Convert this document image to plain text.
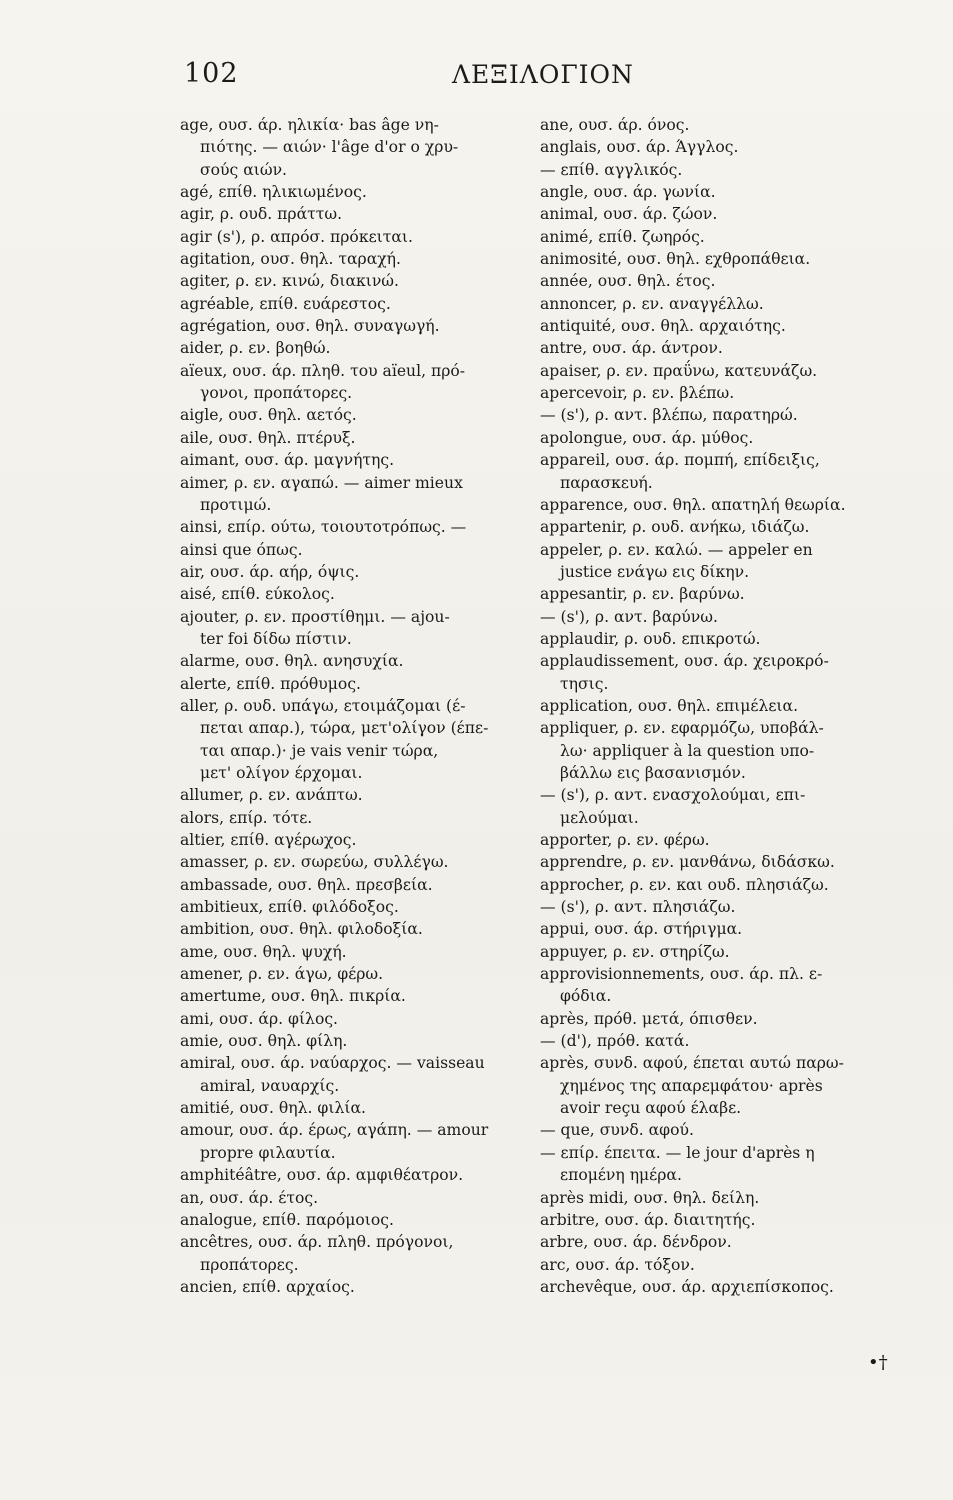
102	ΛΕΞΙΛΟΓΙΟΝ
age, ουσ. άρ. ηλικία· bas âge νη-
πιότης. — αιών· l'âge d'or ο χρυ-
σούς αιών.
agé, επίθ. ηλικιωμένος.
agir, ρ. ουδ. πράττω.
agir (s'), ρ. απρόσ. πρόκειται.
agitation, ουσ. θηλ. ταραχή.
agiter, ρ. εν. κινώ, διακινώ.
agréable, επίθ. ευάρεστος.
agrégation, ουσ. θηλ. συναγωγή.
aider, ρ. εν. βοηθώ.
aïeux, ουσ. άρ. πληθ. του aïeul, πρό-
γονοι, προπάτορες.
aigle, ουσ. θηλ. αετός.
aile, ουσ. θηλ. πτέρυξ.
aimant, ουσ. άρ. μαγνήτης.
aimer, ρ. εν. αγαπώ. — aimer mieux
προτιμώ.
ainsi, επίρ. ούτω, τοιουτοτρόπως. —
ainsi que όπως.
air, ουσ. άρ. αήρ, όψις.
aisé, επίθ. εύκολος.
ajouter, ρ. εν. προστίθημι. — ajou-
ter foi δίδω πίστιν.
alarme, ουσ. θηλ. ανησυχία.
alerte, επίθ. πρόθυμος.
aller, ρ. ουδ. υπάγω, ετοιμάζομαι (έ-
πεται απαρ.), τώρα, μετ'ολίγον (έπε-
ται απαρ.)· je vais venir τώρα,
μετ' ολίγον έρχομαι.
allumer, ρ. εν. ανάπτω.
alors, επίρ. τότε.
altier, επίθ. αγέρωχος.
amasser, ρ. εν. σωρεύω, συλλέγω.
ambassade, ουσ. θηλ. πρεσβεία.
ambitieux, επίθ. φιλόδοξος.
ambition, ουσ. θηλ. φιλοδοξία.
ame, ουσ. θηλ. ψυχή.
amener, ρ. εν. άγω, φέρω.
amertume, ουσ. θηλ. πικρία.
ami, ουσ. άρ. φίλος.
amie, ουσ. θηλ. φίλη.
amiral, ουσ. άρ. ναύαρχος. — vaisseau
amiral, ναυαρχίς.
amitié, ουσ. θηλ. φιλία.
amour, ουσ. άρ. έρως, αγάπη. — amour
propre φιλαυτία.
amphitéâtre, ουσ. άρ. αμφιθέατρον.
an, ουσ. άρ. έτος.
analogue, επίθ. παρόμοιος.
ancêtres, ουσ. άρ. πληθ. πρόγονοι,
προπάτορες.
ancien, επίθ. αρχαίος.
ane, ουσ. άρ. όνος.
anglais, ουσ. άρ. Άγγλος.
— επίθ. αγγλικός.
angle, ουσ. άρ. γωνία.
animal, ουσ. άρ. ζώον.
animé, επίθ. ζωηρός.
animosité, ουσ. θηλ. εχθροπάθεια.
année, ουσ. θηλ. έτος.
annoncer, ρ. εν. αναγγέλλω.
antiquité, ουσ. θηλ. αρχαιότης.
antre, ουσ. άρ. άντρον.
apaiser, ρ. εν. πραΰνω, κατευνάζω.
apercevoir, ρ. εν. βλέπω.
— (s'), ρ. αντ. βλέπω, παρατηρώ.
apolongue, ουσ. άρ. μύθος.
appareil, ουσ. άρ. πομπή, επίδειξις,
παρασκευή.
apparence, ουσ. θηλ. απατηλή θεωρία.
appartenir, ρ. ουδ. ανήκω, ιδιάζω.
appeler, ρ. εν. καλώ. — appeler en
justice ενάγω εις δίκην.
appesantir, ρ. εν. βαρύνω.
— (s'), ρ. αντ. βαρύνω.
applaudir, ρ. ουδ. επικροτώ.
applaudissement, ουσ. άρ. χειροκρό-
τησις.
application, ουσ. θηλ. επιμέλεια.
appliquer, ρ. εν. εφαρμόζω, υποβάλ-
λω· appliquer à la question υπο-
βάλλω εις βασανισμόν.
— (s'), ρ. αντ. ενασχολούμαι, επι-
μελούμαι.
apporter, ρ. εν. φέρω.
apprendre, ρ. εν. μανθάνω, διδάσκω.
approcher, ρ. εν. και ουδ. πλησιάζω.
— (s'), ρ. αντ. πλησιάζω.
appui, ουσ. άρ. στήριγμα.
appuyer, ρ. εν. στηρίζω.
approvisionnements, ουσ. άρ. πλ. ε-
φόδια.
après, πρόθ. μετά, όπισθεν.
— (d'), πρόθ. κατά.
après, συνδ. αφού, έπεται αυτώ παρω-
χημένος της απαρεμφάτου· après
avoir reçu αφού έλαβε.
— que, συνδ. αφού.
— επίρ. έπειτα. — le jour d'après η
επομένη ημέρα.
après midi, ουσ. θηλ. δείλη.
arbitre, ουσ. άρ. διαιτητής.
arbre, ουσ. άρ. δένδρον.
arc, ουσ. άρ. τόξον.
archevêque, ουσ. άρ. αρχιεπίσκοπος.
•†
